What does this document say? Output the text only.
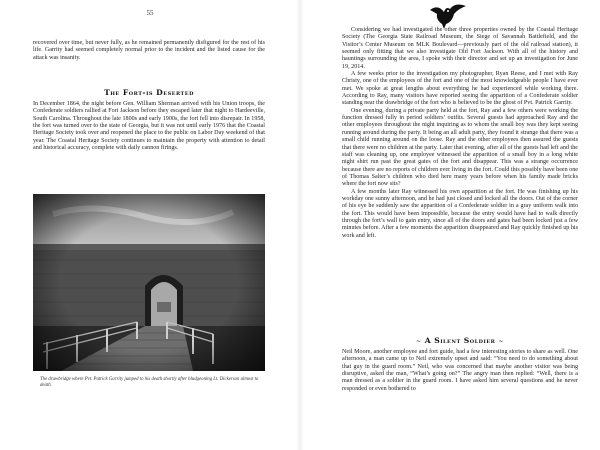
55

recovered over time, but never fully, as he remained permanently disfigured for the rest of his life. Garrity had seemed completely normal prior to the incident and the listed cause for the attack was insanity.

The Fort-is Deserted

In December 1864, the night before Gen. William Sherman arrived with his Union troops, the Confederate soldiers rallied at Fort Jackson before they escaped later that night to Hardeeville, South Carolina. Throughout the late 1800s and early 1900s, the fort fell into disrepair. In 1958, the fort was turned over to the state of Georgia, but it was not until early 1976 that the Coastal Heritage Society took over and reopened the place to the public on Labor Day weekend of that year. The Coastal Heritage Society continues to maintain the property with attention to detail and historical accuracy, complete with daily cannon firings.

The drawbridge where Pvt. Patrick Garrity jumped to his death shortly after bludgeoning Lt. Dickerson almost to death.

Considering we had investigated the other three properties owned by the Coastal Heritage Society (The Georgia State Railroad Museum, the Siege of Savannah Battlefield, and the Visitor’s Center Museum on MLK Boulevard—previously part of the old railroad station), it seemed only fitting that we also investigate Old Fort Jackson. With all of the history and hauntings surrounding the area, I spoke with their director and set up an investigation for June 19, 2014.

A few weeks prior to the investigation my photographer, Ryan Reese, and I met with Ray Christy, one of the employees of the fort and one of the most knowledgeable people I have ever met. We spoke at great lengths about everything he had experienced while working there. According to Ray, many visitors have reported seeing the apparition of a Confederate soldier standing near the drawbridge of the fort who is believed to be the ghost of Pvt. Patrick Garrity.

One evening, during a private party held at the fort, Ray and a few others were working the function dressed fully in period soldiers’ outfits. Several guests had approached Ray and the other employees throughout the night inquiring as to whom the small boy was they kept seeing running around during the party. It being an all adult party, they found it strange that there was a small child running around on the loose. Ray and the other employees then assured the guests that there were no children at the party. Later that evening, after all of the guests had left and the staff was cleaning up, one employee witnessed the apparition of a small boy in a long white night shirt run past the great gates of the fort and disappear. This was a strange occurrence because there are no reports of children ever living in the fort. Could this possibly have been one of Thomas Salter’s children who died here many years before when his family made bricks where the fort now sits?

A few months later Ray witnessed his own apparition at the fort. He was finishing up his workday one sunny afternoon, and he had just closed and locked all the doors. Out of the corner of his eye he suddenly saw the apparition of a Confederate soldier in a gray uniform walk into the fort. This would have been impossible, because the entry would have had to walk directly through the fort’s wall to gain entry, since all of the doors and gates had been locked just a few minutes before. After a few moments the apparition disappeared and Ray quickly finished up his work and left.

~ A Silent Soldier ~

Neil Moore, another employee and fort guide, had a few interesting stories to share as well. One afternoon, a man came up to Neil extremely upset and said: “You need to do something about that guy in the guard room.” Neil, who was concerned that maybe another visitor was being disruptive, asked the man, “What’s going on?” The angry man then replied: “Well, there is a man dressed as a soldier in the guard room. I have asked him several questions and he never responded or even bothered to
